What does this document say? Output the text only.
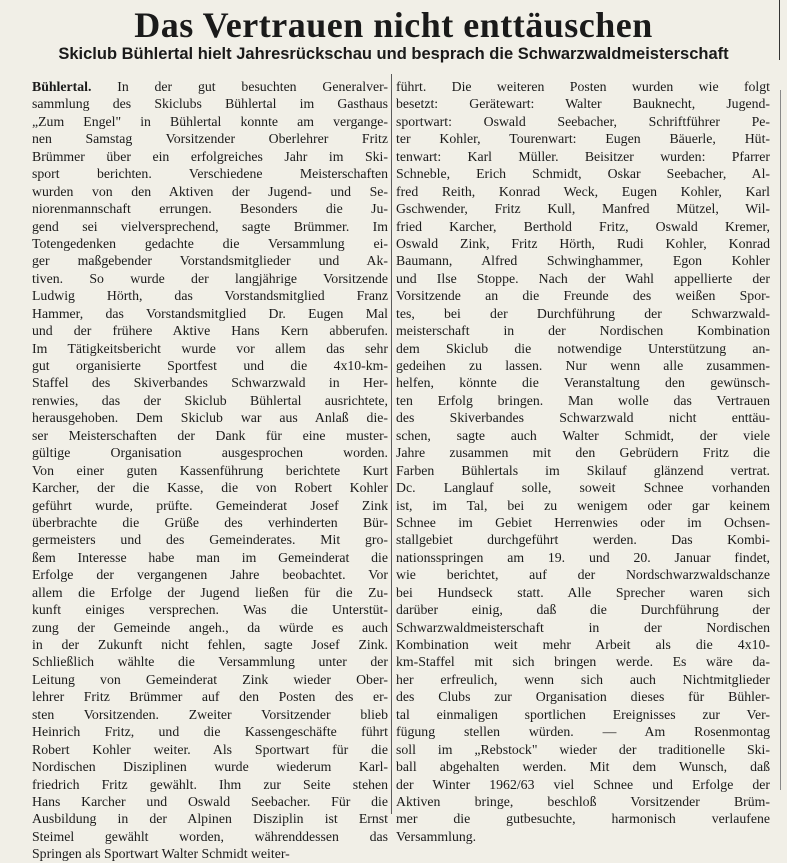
Das Vertrauen nicht enttäuschen
Skiclub Bühlertal hielt Jahresrückschau und besprach die Schwarzwaldmeisterschaft
Bühlertal. In der gut besuchten Generalver-
sammlung des Skiclubs Bühlertal im Gasthaus
„Zum Engel" in Bühlertal konnte am vergange-
nen Samstag Vorsitzender Oberlehrer Fritz
Brümmer über ein erfolgreiches Jahr im Ski-
sport berichten. Verschiedene Meisterschaften
wurden von den Aktiven der Jugend- und Se-
niorenmannschaft errungen. Besonders die Ju-
gend sei vielversprechend, sagte Brümmer. Im
Totengedenken gedachte die Versammlung ei-
ger maßgebender Vorstandsmitglieder und Ak-
tiven. So wurde der langjährige Vorsitzende
Ludwig Hörth, das Vorstandsmitglied Franz
Hammer, das Vorstandsmitglied Dr. Eugen Mal
und der frühere Aktive Hans Kern abberufen.
Im Tätigkeitsbericht wurde vor allem das sehr
gut organisierte Sportfest und die 4x10-km-
Staffel des Skiverbandes Schwarzwald in Her-
renwies, das der Skiclub Bühlertal ausrichtete,
herausgehoben. Dem Skiclub war aus Anlaß die-
ser Meisterschaften der Dank für eine muster-
gültige Organisation ausgesprochen worden.
Von einer guten Kassenführung berichtete Kurt
Karcher, der die Kasse, die von Robert Kohler
geführt wurde, prüfte. Gemeinderat Josef Zink
überbrachte die Grüße des verhinderten Bür-
germeisters und des Gemeinderates. Mit gro-
ßem Interesse habe man im Gemeinderat die
Erfolge der vergangenen Jahre beobachtet. Vor
allem die Erfolge der Jugend ließen für die Zu-
kunft einiges versprechen. Was die Unterstüt-
zung der Gemeinde angeh., da würde es auch
in der Zukunft nicht fehlen, sagte Josef Zink.
Schließlich wählte die Versammlung unter der
Leitung von Gemeinderat Zink wieder Ober-
lehrer Fritz Brümmer auf den Posten des er-
sten Vorsitzenden. Zweiter Vorsitzender blieb
Heinrich Fritz, und die Kassengeschäfte führt
Robert Kohler weiter. Als Sportwart für die
Nordischen Disziplinen wurde wiederum Karl-
friedrich Fritz gewählt. Ihm zur Seite stehen
Hans Karcher und Oswald Seebacher. Für die
Ausbildung in der Alpinen Disziplin ist Ernst
Steimel gewählt worden, währenddessen das
Springen als Sportwart Walter Schmidt weiter-
führt. Die weiteren Posten wurden wie folgt
besetzt: Gerätewart: Walter Bauknecht, Jugend-
sportwart: Oswald Seebacher, Schriftführer Pe-
ter Kohler, Tourenwart: Eugen Bäuerle, Hüt-
tenwart: Karl Müller. Beisitzer wurden: Pfarrer
Schneble, Erich Schmidt, Oskar Seebacher, Al-
fred Reith, Konrad Weck, Eugen Kohler, Karl
Gschwender, Fritz Kull, Manfred Mützel, Wil-
fried Karcher, Berthold Fritz, Oswald Kremer,
Oswald Zink, Fritz Hörth, Rudi Kohler, Konrad
Baumann, Alfred Schwinghammer, Egon Kohler
und Ilse Stoppe. Nach der Wahl appellierte der
Vorsitzende an die Freunde des weißen Spor-
tes, bei der Durchführung der Schwarzwald-
meisterschaft in der Nordischen Kombination
dem Skiclub die notwendige Unterstützung an-
gedeihen zu lassen. Nur wenn alle zusammen-
helfen, könnte die Veranstaltung den gewünsch-
ten Erfolg bringen. Man wolle das Vertrauen
des Skiverbandes Schwarzwald nicht enttäu-
schen, sagte auch Walter Schmidt, der viele
Jahre zusammen mit den Gebrüdern Fritz die
Farben Bühlertals im Skilauf glänzend vertrat.
Dc. Langlauf solle, soweit Schnee vorhanden
ist, im Tal, bei zu wenigem oder gar keinem
Schnee im Gebiet Herrenwies oder im Ochsen-
stallgebiet durchgeführt werden. Das Kombi-
nationsspringen am 19. und 20. Januar findet,
wie berichtet, auf der Nordschwarzwaldschanze
bei Hundseck statt. Alle Sprecher waren sich
darüber einig, daß die Durchführung der
Schwarzwaldmeisterschaft in der Nordischen
Kombination weit mehr Arbeit als die 4x10-
km-Staffel mit sich bringen werde. Es wäre da-
her erfreulich, wenn sich auch Nichtmitglieder
des Clubs zur Organisation dieses für Bühler-
tal einmaligen sportlichen Ereignisses zur Ver-
fügung stellen würden. — Am Rosenmontag
soll im „Rebstock" wieder der traditionelle Ski-
ball abgehalten werden. Mit dem Wunsch, daß
der Winter 1962/63 viel Schnee und Erfolge der
Aktiven bringe, beschloß Vorsitzender Brüm-
mer die gutbesuchte, harmonisch verlaufene
Versammlung.
